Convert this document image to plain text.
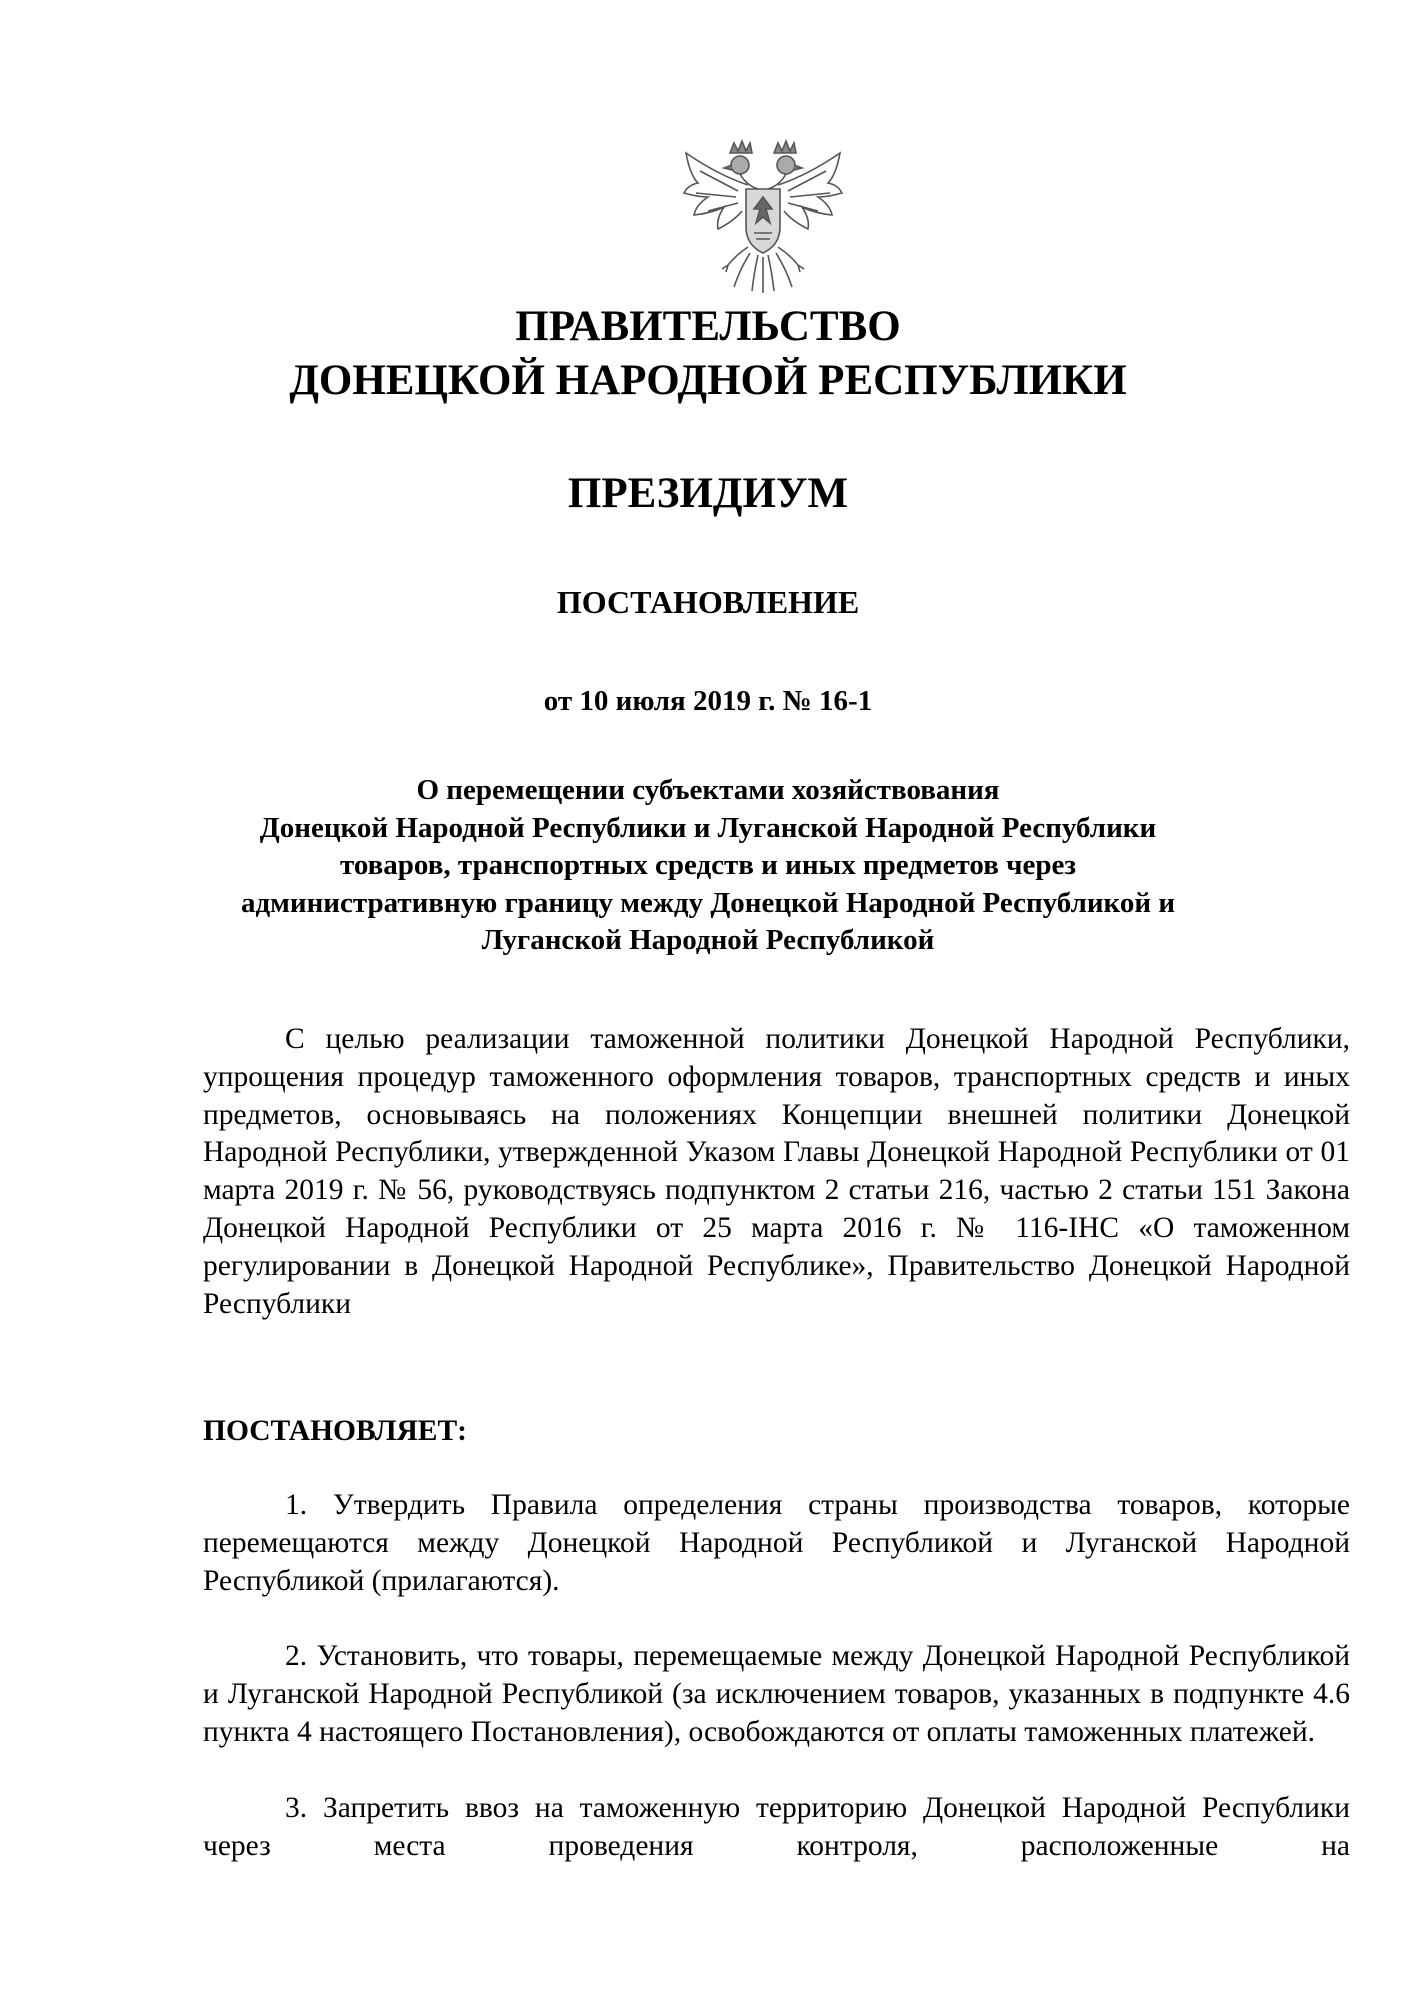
ПРАВИТЕЛЬСТВО
ДОНЕЦКОЙ НАРОДНОЙ РЕСПУБЛИКИ
ПРЕЗИДИУМ
ПОСТАНОВЛЕНИЕ
от 10 июля 2019 г. № 16-1
О перемещении субъектами хозяйствования
Донецкой Народной Республики и Луганской Народной Республики
товаров, транспортных средств и иных предметов через
административную границу между Донецкой Народной Республикой и
Луганской Народной Республикой

С целью реализации таможенной политики Донецкой Народной Республики, упрощения процедур таможенного оформления товаров, транспортных средств и иных предметов, основываясь на положениях Концепции внешней политики Донецкой Народной Республики, утвержденной Указом Главы Донецкой Народной Республики от 01 марта 2019 г. № 56, руководствуясь подпунктом 2 статьи 216, частью 2 статьи 151 Закона Донецкой Народной Республики от 25 марта 2016 г. № 116-IНС «О таможенном регулировании в Донецкой Народной Республике», Правительство Донецкой Народной Республики

ПОСТАНОВЛЯЕТ:

1. Утвердить Правила определения страны производства товаров, которые перемещаются между Донецкой Народной Республикой и Луганской Народной Республикой (прилагаются).

2. Установить, что товары, перемещаемые между Донецкой Народной Республикой и Луганской Народной Республикой (за исключением товаров, указанных в подпункте 4.6 пункта 4 настоящего Постановления), освобождаются от оплаты таможенных платежей.

3. Запретить ввоз на таможенную территорию Донецкой Народной Республики через места проведения контроля, расположенные на
